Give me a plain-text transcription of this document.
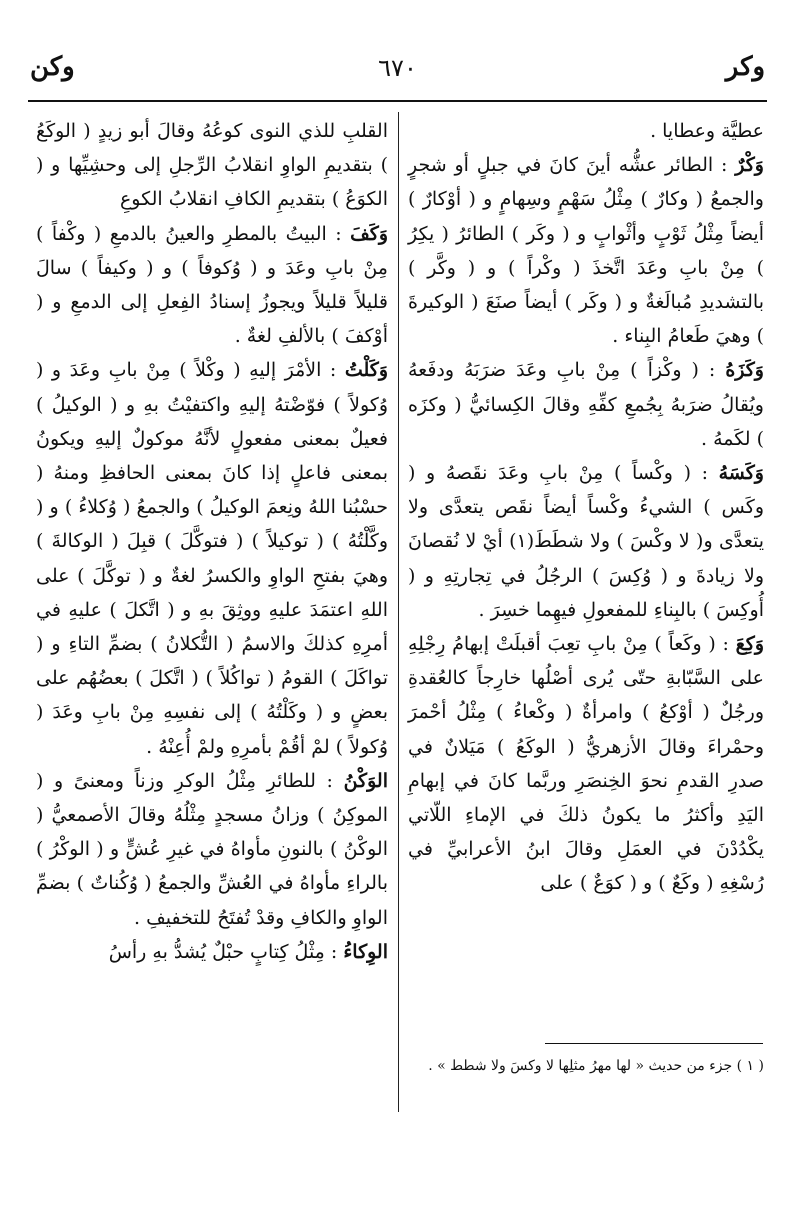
وكر
٦٧٠
وكن

عطيَّة وعطايا .

وَكْرٌ : الطائر عشُّه أينَ كانَ في جبلٍ أو شجرٍ والجمعُ ( وكارٌ ) مِثْلُ سَهْمٍ وسِهامٍ و ( أوْكارٌ ) أيضاً مِثْلُ ثَوْبٍ وأثْوابٍ و ( وكَر ) الطائرُ ( يكِرُ ) مِنْ بابِ وعَدَ اتَّخذَ ( وكْراً ) و ( وكَّر ) بالتشديدِ مُبالَغةٌ و ( وكَر ) أيضاً صنَعَ ( الوكيرةَ ) وهيَ طَعامُ البِناء .

وَكَزَهُ : ( وكْزاً ) مِنْ بابِ وعَدَ ضرَبَهُ ودفَعهُ ويُقالُ ضرَبهُ بِجُمعِ كفِّهِ وقالَ الكِسائيُّ ( وكزَه ) لكَمهُ .

وَكَسَهُ : ( وكْساً ) مِنْ بابِ وعَدَ نقَصهُ و ( وكَس ) الشيءُ وكْساً أيضاً نقَص يتعدَّى ولا يتعدَّى و( لا وكْسَ ) ولا شطَطَ(١) أيْ لا نُقصانَ ولا زيادةَ و ( وُكِسَ ) الرجُلُ في تِجارتِهِ و ( أُوكِسَ ) بالبِناءِ للمفعولِ فيهِما خسِرَ .

وَكِعَ : ( وكَعاً ) مِنْ بابِ تعِبَ أقبلَتْ إبهامُ رِجْلِهِ على السَّبّابةِ حتّى يُرى أصْلُها خارِجاً كالعُقدةِ ورجُلٌ ( أوْكعُ ) وامرأةٌ ( وكْعاءُ ) مِثْلُ أحْمرَ وحمْراءَ وقالَ الأزهريُّ ( الوكَعُ ) مَيَلانٌ في صدرِ القدمِ نحوَ الخِنصَرِ وربَّما كانَ في إبهامِ اليَدِ وأكثرُ ما يكونُ ذلكَ في الإماءِ اللّاتي يكْدُدْنَ في العمَلِ وقالَ ابنُ الأعرابيِّ في رُسْغِهِ ( وكَعٌ ) و ( كوَعٌ ) على

القلبِ للذي النوى كوعُهُ وقالَ أبو زيدٍ ( الوكَعُ ) بتقديمِ الواوِ انقلابُ الرِّجلِ إلى وحشِيِّها و ( الكوَعُ ) بتقديمِ الكافِ انقلابُ الكوعِ

وَكَفَ : البيتُ بالمطرِ والعينُ بالدمعِ ( وكْفاً ) مِنْ بابِ وعَدَ و ( وُكوفاً ) و ( وكيفاً ) سالَ قليلاً قليلاً ويجوزُ إسنادُ الفِعلِ إلى الدمعِ و ( أوْكفَ ) بالألفِ لغةٌ .

وَكَلْتُ : الأمْرَ إليهِ ( وكْلاً ) مِنْ بابِ وعَدَ و ( وُكولاً ) فوّضْتهُ إليهِ واكتفيْتُ بهِ و ( الوكيلُ ) فعيلٌ بمعنى مفعولٍ لأنَّهُ موكولٌ إليهِ ويكونُ بمعنى فاعلٍ إذا كانَ بمعنى الحافظِ ومنهُ ( حسْبُنا اللهُ ونِعمَ الوكيلُ ) والجمعُ ( وُكلاءُ ) و ( وكَّلْتُهُ ) ( توكيلاً ) ( فتوكَّلَ ) قبِلَ ( الوكالةَ ) وهيَ بفتحِ الواوِ والكسرُ لغةٌ و ( توكَّلَ ) على اللهِ اعتمَدَ عليهِ ووثِقَ بهِ و ( اتَّكلَ ) عليهِ في أمرِهِ كذلكَ والاسمُ ( التُّكلانُ ) بضمِّ التاءِ و ( تواكَلَ ) القومُ ( تواكُلاً ) ( اتَّكلَ ) بعضُهُم على بعضٍ و ( وكَلْتُهُ ) إلى نفسِهِ مِنْ بابِ وعَدَ ( وُكولاً ) لمْ أقُمْ بأمرِهِ ولمْ أُعِنْهُ .

الوَكْنُ : للطائرِ مِثْلُ الوكرِ وزناً ومعنىً و ( الموكِنُ ) وزانُ مسجدٍ مِثْلُهُ وقالَ الأصمعيُّ ( الوكْنُ ) بالنونِ مأواهُ في غيرِ عُشٍّ و ( الوكْرُ ) بالراءِ مأواهُ في العُشِّ والجمعُ ( وُكُناتٌ ) بضمِّ الواوِ والكافِ وقدْ تُفتَحُ للتخفيفِ .

الوِكاءُ : مِثْلُ كِتابٍ حبْلٌ يُشدُّ بهِ رأسُ

( ١ ) جزء من حديث « لها مهرُ مثلِها لا وكسَ ولا شطط » .
